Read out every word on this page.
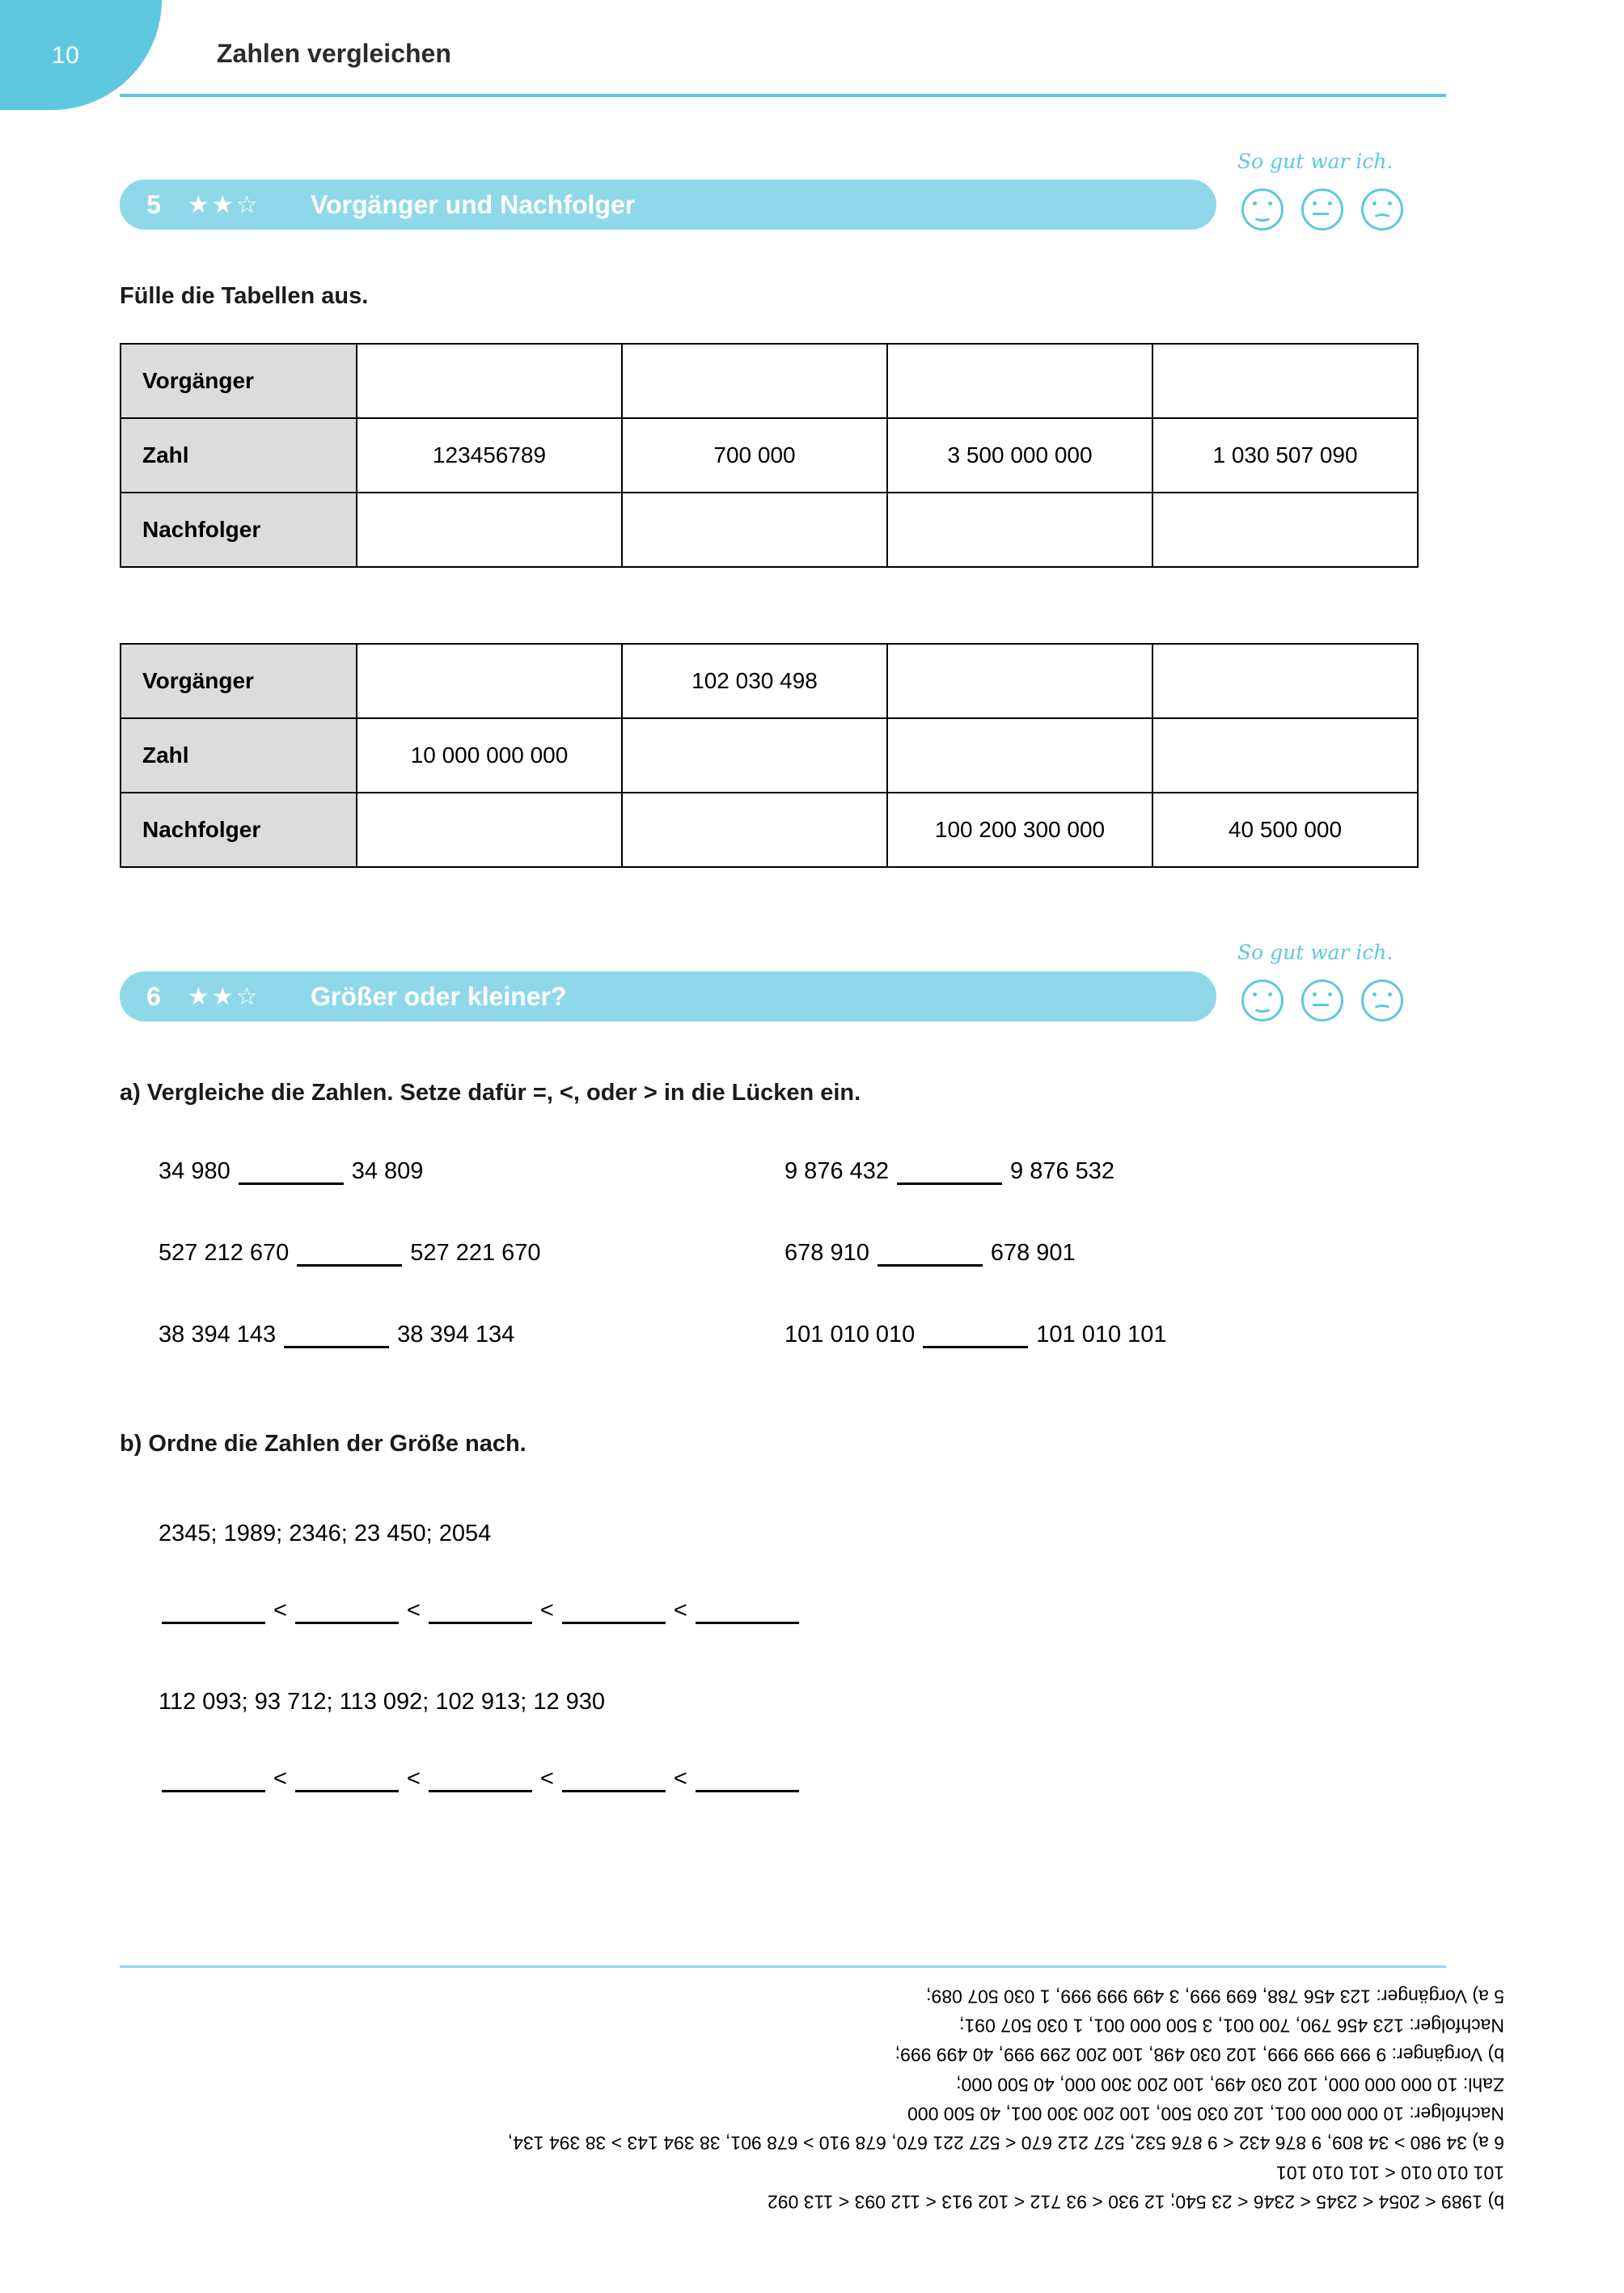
10	Zahlen vergleichen
So gut war ich.
5	★★☆	Vorgänger und Nachfolger
Fülle die Tabellen aus.
Vorgänger				
Zahl	123456789	700 000	3 500 000 000	1 030 507 090
Nachfolger				
Vorgänger		102 030 498		
Zahl	10 000 000 000			
Nachfolger			100 200 300 000	40 500 000
So gut war ich.
6	★★☆	Größer oder kleiner?
a) Vergleiche die Zahlen. Setze dafür =, <, oder > in die Lücken ein.
34 980	34 809
527 212 670	527 221 670
38 394 143	38 394 134
9 876 432	9 876 532
678 910	678 901
101 010 010	101 010 101
b) Ordne die Zahlen der Größe nach.
2345; 1989; 2346; 23 450; 2054
<	<	<	<
112 093; 93 712; 113 092; 102 913; 12 930
<	<	<	<
b) 1989 < 2054 < 2345 < 2346 < 23 540; 12 930 < 93 712 < 102 913 < 112 093 < 113 092
101 010 010 < 101 010 101
6 a) 34 980 > 34 809, 9 876 432 < 9 876 532, 527 212 670 < 527 221 670, 678 910 > 678 901, 38 394 143 > 38 394 134,
Nachfolger: 10 000 000 001, 102 030 500, 100 200 300 001, 40 500 000
Zahl: 10 000 000 000, 102 030 499, 100 200 300 000, 40 500 000;
b) Vorgänger: 9 999 999 999, 102 030 498, 100 200 299 999, 40 499 999;
Nachfolger: 123 456 790, 700 001, 3 500 000 001, 1 030 507 091;
5 a) Vorgänger: 123 456 788, 699 999, 3 499 999 999, 1 030 507 089;
